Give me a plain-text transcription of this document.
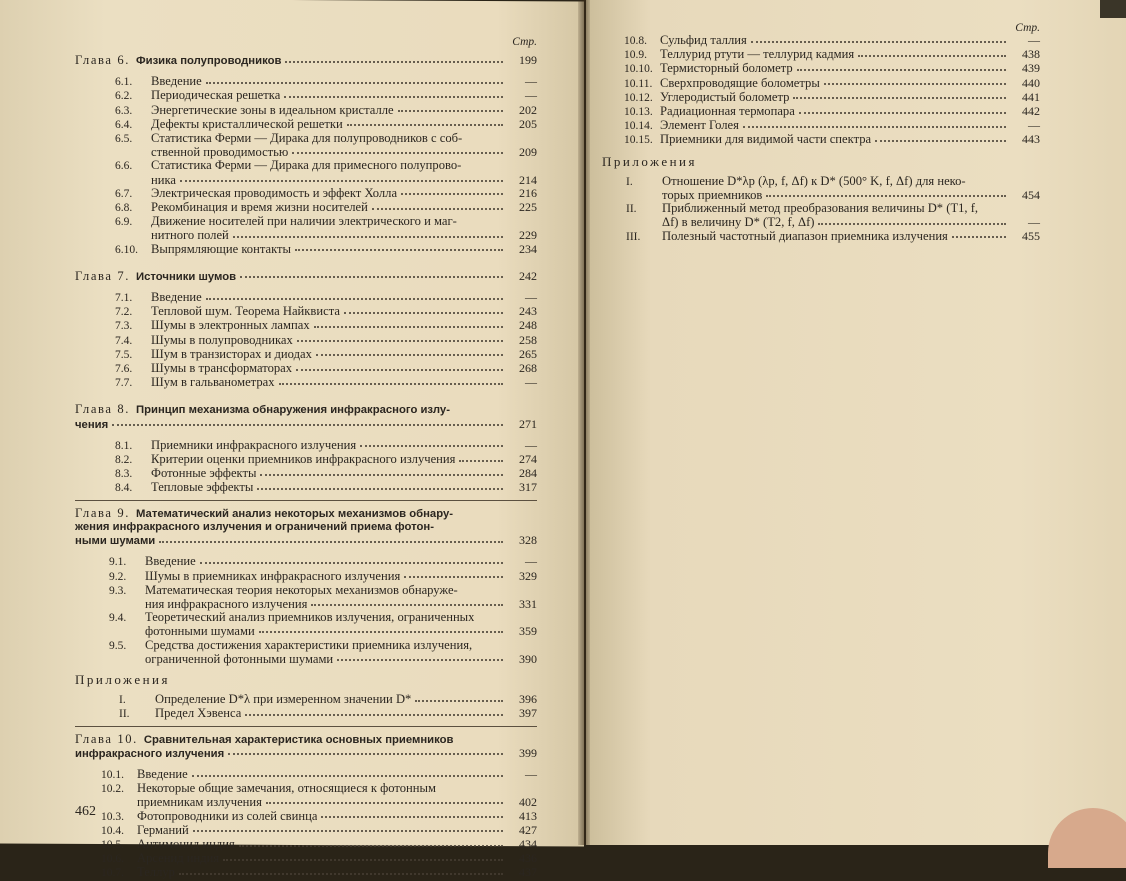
Стр.
Глава 6. Физика полупроводников	199
6.1.	Введение	—
6.2.	Периодическая решетка	—
6.3.	Энергетические зоны в идеальном кристалле	202
6.4.	Дефекты кристаллической решетки	205
6.5.	Статистика Ферми — Дирака для полупроводников с соб-
ственной проводимостью	209
6.6.	Статистика Ферми — Дирака для примесного полупрово-
ника	214
6.7.	Электрическая проводимость и эффект Холла	216
6.8.	Рекомбинация и время жизни носителей	225
6.9.	Движение носителей при наличии электрического и маг-
нитного полей	229
6.10.	Выпрямляющие контакты	234
Глава 7. Источники шумов	242
7.1.	Введение	—
7.2.	Тепловой шум. Теорема Найквиста	243
7.3.	Шумы в электронных лампах	248
7.4.	Шумы в полупроводниках	258
7.5.	Шум в транзисторах и диодах	265
7.6.	Шумы в трансформаторах	268
7.7.	Шум в гальванометрах	—
Глава 8. Принцип механизма обнаружения инфракрасного излу-
чения	271
8.1.	Приемники инфракрасного излучения	—
8.2.	Критерии оценки приемников инфракрасного излучения	274
8.3.	Фотонные эффекты	284
8.4.	Тепловые эффекты	317
Глава 9. Математический анализ некоторых механизмов обнару-
жения инфракрасного излучения и ограничений приема фотон-
ными шумами	328
9.1.	Введение	—
9.2.	Шумы в приемниках инфракрасного излучения	329
9.3.	Математическая теория некоторых механизмов обнаруже-
ния инфракрасного излучения	331
9.4.	Теоретический анализ приемников излучения, ограниченных
фотонными шумами	359
9.5.	Средства достижения характеристики приемника излучения,
ограниченной фотонными шумами	390
Приложения
I.	Определение D*λ при измеренном значении D*	396
II.	Предел Хэвенса	397
Глава 10. Сравнительная характеристика основных приемников
инфракрасного излучения	399
10.1.	Введение	—
10.2.	Некоторые общие замечания, относящиеся к фотонным
приемникам излучения	402
10.3.	Фотопроводники из солей свинца	413
10.4.	Германий	427
10.5.	Антимонид индия	434
10.6.	Арсенид индия	436
10.7.	Теллур	437
462
Стр.
10.8.	Сульфид таллия	—
10.9.	Теллурид ртути — теллурид кадмия	438
10.10. Термисторный болометр	439
10.11. Сверхпроводящие болометры	440
10.12. Углеродистый болометр	441
10.13. Радиационная термопара	442
10.14. Элемент Голея	—
10.15. Приемники для видимой части спектра	443
Приложения
I.	Отношение D*λp (λp, f, Δf) к D* (500° K, f, Δf) для неко-
торых приемников	454
II.	Приближенный метод преобразования величины D* (T1, f,
Δf) в величину D* (T2, f, Δf)	—
III.	Полезный частотный диапазон приемника излучения	455
